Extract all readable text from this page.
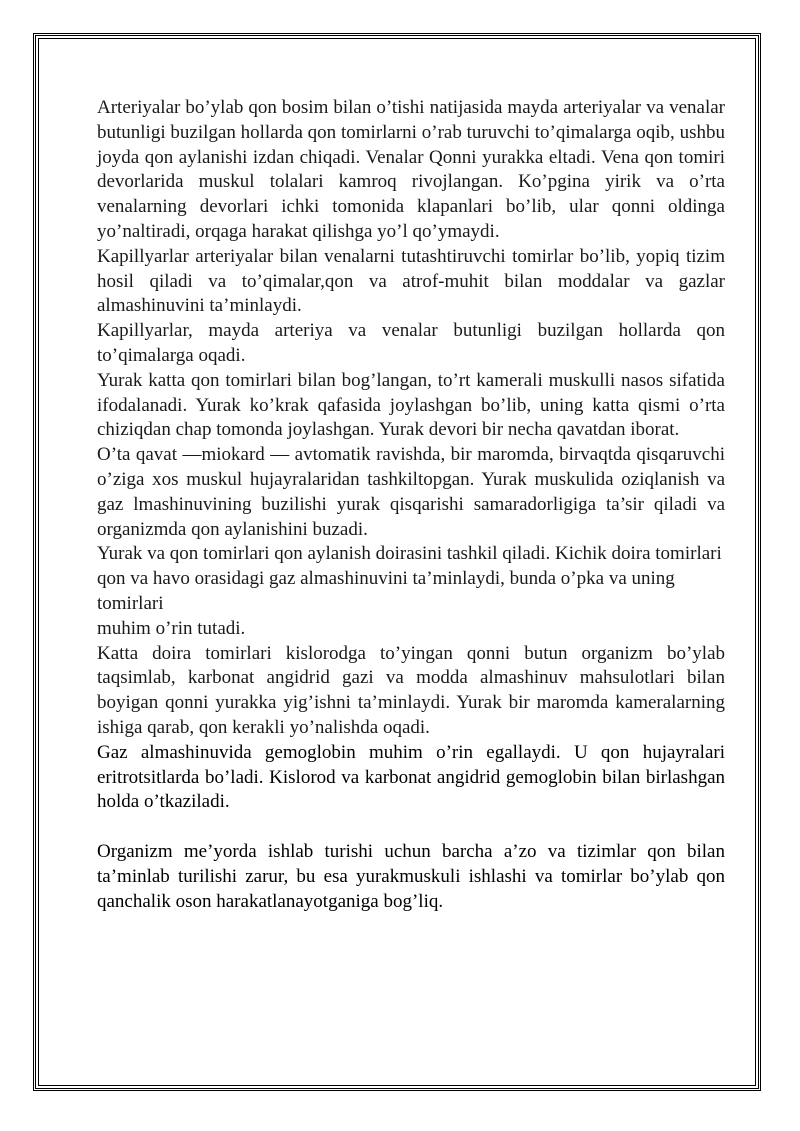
Arteriyalar bo’ylab qon bosim bilan o’tishi natijasida mayda arteriyalar va venalar butunligi buzilgan hollarda qon tomirlarni o’rab turuvchi to’qimalarga oqib, ushbu joyda qon aylanishi izdan chiqadi. Venalar Qonni yurakka eltadi. Vena qon tomiri devorlarida muskul tolalari kamroq rivojlangan. Ko’pgina yirik va o’rta venalarning devorlari ichki tomonida klapanlari bo’lib, ular qonni oldinga yo’naltiradi, orqaga harakat qilishga yo’l qo’ymaydi.

Kapillyarlar arteriyalar bilan venalarni tutashtiruvchi tomirlar bo’lib, yopiq tizim hosil qiladi va to’qimalar,qon va atrof-muhit bilan moddalar va gazlar almashinuvini ta’minlaydi.

Kapillyarlar, mayda arteriya va venalar butunligi buzilgan hollarda qon to’qimalarga oqadi.

Yurak katta qon tomirlari bilan bog’langan, to’rt kamerali muskulli nasos sifatida ifodalanadi. Yurak ko’krak qafasida joylashgan bo’lib, uning katta qismi o’rta chiziqdan chap tomonda joylashgan. Yurak devori bir necha qavatdan iborat.

O’ta qavat —miokard — avtomatik ravishda, bir maromda, birvaqtda qisqaruvchi o’ziga xos muskul hujayralaridan tashkiltopgan. Yurak muskulida oziqlanish va gaz lmashinuvining buzilishi yurak qisqarishi samaradorligiga ta’sir qiladi va organizmda qon aylanishini buzadi.

Yurak va qon tomirlari qon aylanish doirasini tashkil qiladi. Kichik doira tomirlari qon va havo orasidagi gaz almashinuvini ta’minlaydi, bunda o’pka va uning tomirlari

muhim o’rin tutadi.

Katta doira tomirlari kislorodga to’yingan qonni butun organizm bo’ylab taqsimlab, karbonat angidrid gazi va modda almashinuv mahsulotlari bilan boyigan qonni yurakka yig’ishni ta’minlaydi. Yurak bir maromda kameralarning ishiga qarab, qon kerakli yo’nalishda oqadi.

Gaz almashinuvida gemoglobin muhim o’rin egallaydi. U qon hujayralari eritrotsitlarda bo’ladi. Kislorod va karbonat angidrid gemoglobin bilan birlashgan holda o’tkaziladi.

Organizm me’yorda ishlab turishi uchun barcha a’zo va tizimlar qon bilan ta’minlab turilishi zarur, bu esa yurakmuskuli ishlashi va tomirlar bo’ylab qon qanchalik oson harakatlanayotganiga bog’liq.
